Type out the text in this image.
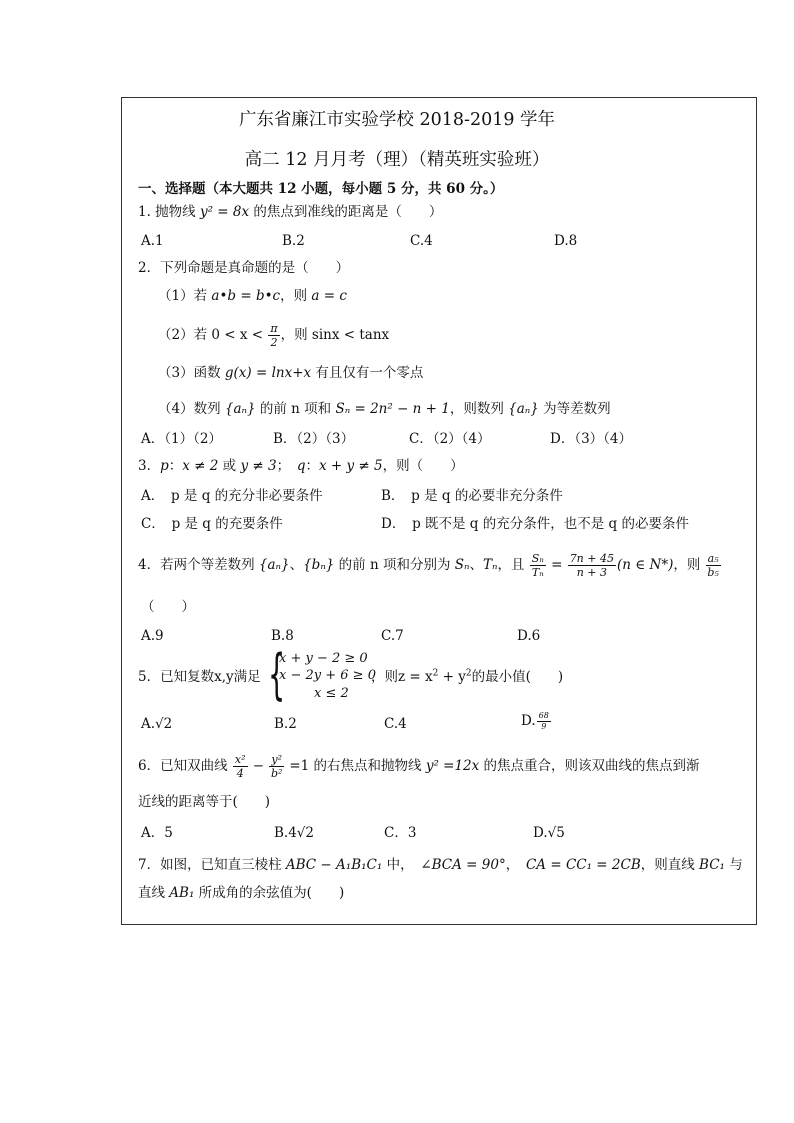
广东省廉江市实验学校 2018-2019 学年
高二 12 月月考（理）（精英班实验班）
一、选择题（本大题共 12 小题，每小题 5 分，共 60 分。）
1. 抛物线 y² = 8x 的焦点到准线的距离是（　　）
A.1	B.2	C.4	D.8
2．下列命题是真命题的是（　　）
（1）若 a•b = b•c，则 a = c
（2）若 $0 < x < \frac{\pi}{2}$ ，则 sinx < tanx
（3）函数 g(x) = lnx+x 有且仅有一个零点
（4）数列 {aₙ} 的前 n 项和 Sₙ = 2n² − n + 1，则数列 {aₙ} 为等差数列
A．（1）（2）	B．（2）（3）	C．（2）（4）	D．（3）（4）
3．p：x ≠ 2 或 y ≠ 3；　q：x + y ≠ 5，则（　　）
A．　p 是 q 的充分非必要条件	B．　p 是 q 的必要非充分条件
C．　p 是 q 的充要条件	D．　p 既不是 q 的充分条件，也不是 q 的必要条件
4．若两个等差数列 {aₙ}、{bₙ} 的前 n 项和分别为 Sₙ、Tₙ，且 $\frac{\text{Sₙ}}{\text{Tₙ}} = \frac{7n + 45}{n + 3} (n$ ∈ N*)，则 $\frac{\text{a₅}}{\text{b₅}}$
（　　）
A.9	B.8	C.7	D.6
5．已知复数x,y满足 {
x + y − 2 ≥ 0
x − 2y + 6 ≥ 0
x ≤ 2
，则$z = x^2 + y^2$的最小值(　　)
A.√2	B.2	C.4	D. $\frac{68}{9}$
6．已知双曲线 $\frac{\text{x²}}{4} - \frac{\text{y²}}{\text{b²}} =1$ 的右焦点和抛物线 y² =12x 的焦点重合，则该双曲线的焦点到渐
近线的距离等于(　　)
A．5	B.4√2	C．3	D.√5
7．如图，已知直三棱柱 ABC − A₁B₁C₁ 中，　∠BCA = 90°，　CA = CC₁ = 2CB，则直线 BC₁ 与
直线 AB₁ 所成角的余弦值为(　　)
